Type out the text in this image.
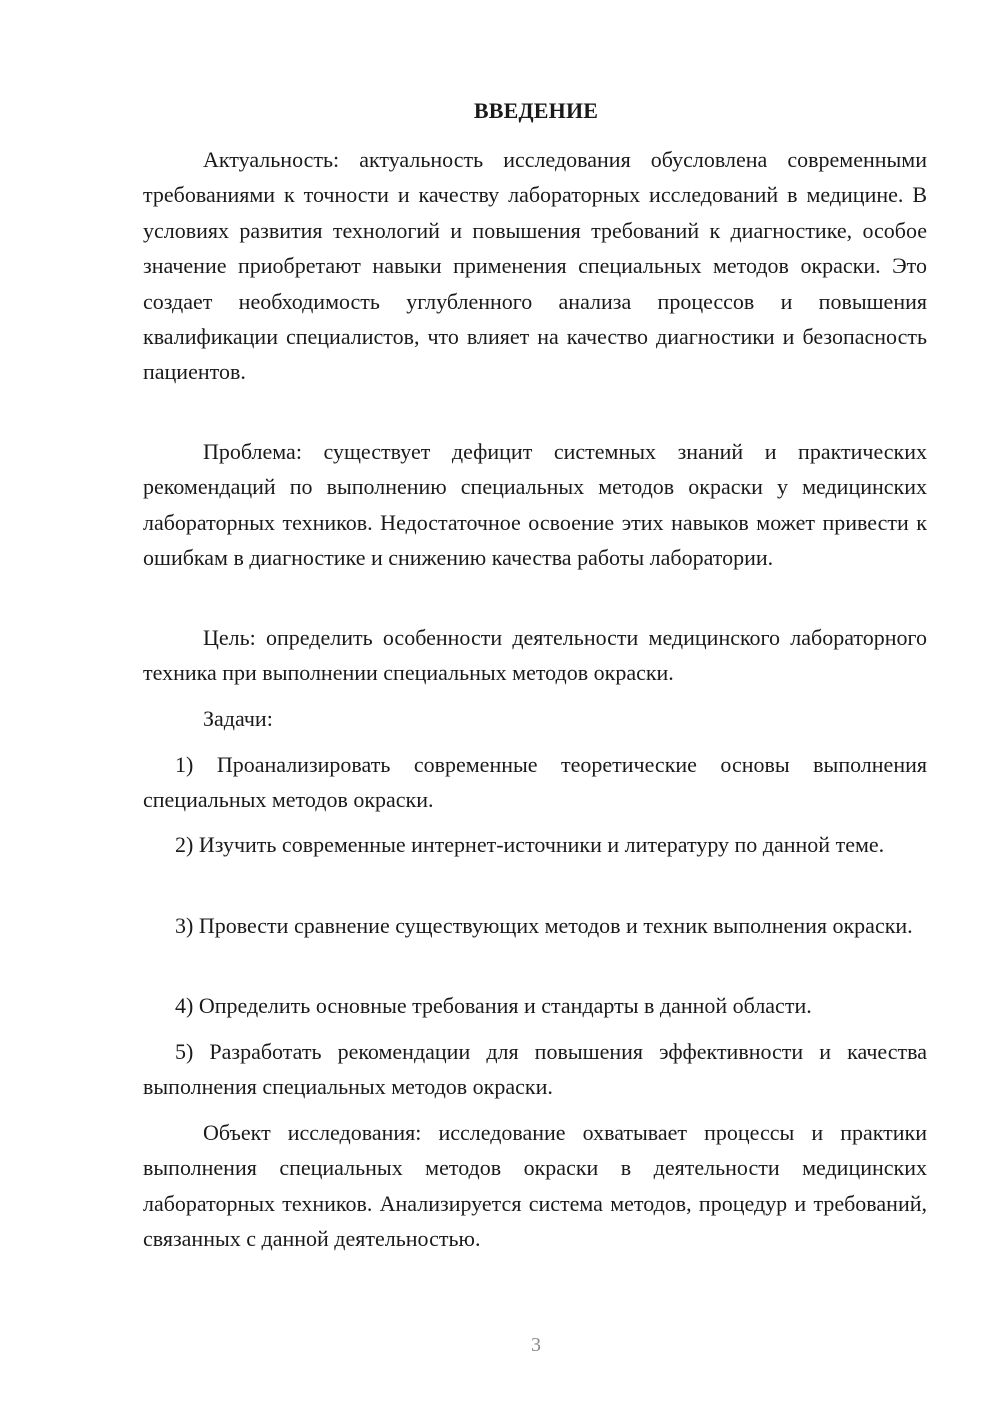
ВВЕДЕНИЕ

Актуальность: актуальность исследования обусловлена современными требованиями к точности и качеству лабораторных исследований в медицине. В условиях развития технологий и повышения требований к диагностике, особое значение приобретают навыки применения специальных методов окраски. Это создает необходимость углубленного анализа процессов и повышения квалификации специалистов, что влияет на качество диагностики и безопасность пациентов.

Проблема: существует дефицит системных знаний и практических рекомендаций по выполнению специальных методов окраски у медицинских лабораторных техников. Недостаточное освоение этих навыков может привести к ошибкам в диагностике и снижению качества работы лаборатории.

Цель: определить особенности деятельности медицинского лабораторного техника при выполнении специальных методов окраски.

Задачи:

1) Проанализировать современные теоретические основы выполнения специальных методов окраски.

2) Изучить современные интернет-источники и литературу по данной теме.

3) Провести сравнение существующих методов и техник выполнения окраски.

4) Определить основные требования и стандарты в данной области.

5) Разработать рекомендации для повышения эффективности и качества выполнения специальных методов окраски.

Объект исследования: исследование охватывает процессы и практики выполнения специальных методов окраски в деятельности медицинских лабораторных техников. Анализируется система методов, процедур и требований, связанных с данной деятельностью.

3
